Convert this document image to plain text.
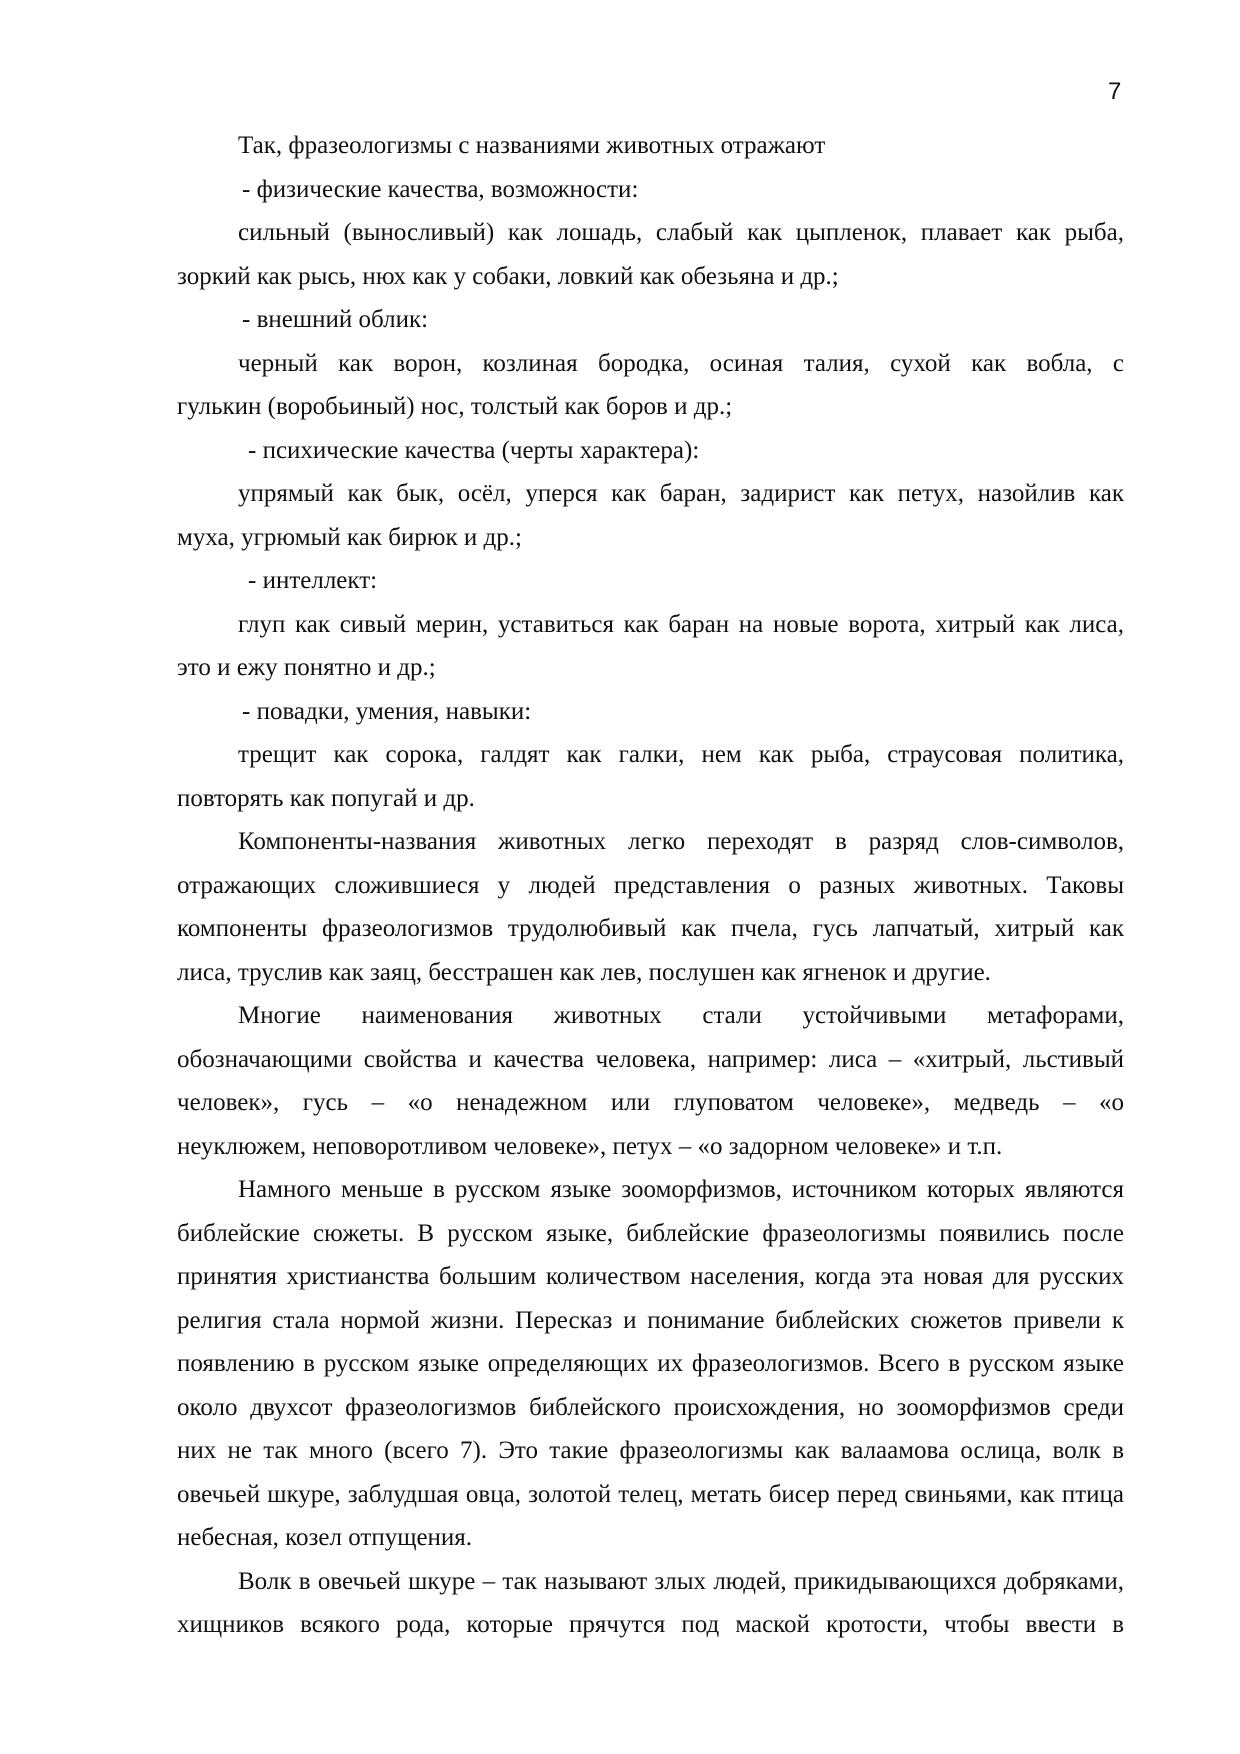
7
Так, фразеологизмы с названиями животных отражают
- физические качества, возможности:
сильный (выносливый) как лошадь, слабый как цыпленок, плавает как рыба,
зоркий как рысь, нюх как у собаки, ловкий как обезьяна и др.;
- внешний облик:
черный как ворон, козлиная бородка, осиная талия, сухой как вобла, с
гулькин (воробьиный) нос, толстый как боров и др.;
- психические качества (черты характера):
упрямый как бык, осёл, уперся как баран, задирист как петух, назойлив как
муха, угрюмый как бирюк и др.;
- интеллект:
глуп как сивый мерин, уставиться как баран на новые ворота, хитрый как лиса,
это и ежу понятно и др.;
- повадки, умения, навыки:
трещит как сорока, галдят как галки, нем как рыба, страусовая политика,
повторять как попугай и др.
Компоненты-названия животных легко переходят в разряд слов-символов,
отражающих сложившиеся у людей представления о разных животных. Таковы
компоненты фразеологизмов трудолюбивый как пчела, гусь лапчатый, хитрый как
лиса, труслив как заяц, бесстрашен как лев, послушен как ягненок и другие.
Многие наименования животных стали устойчивыми метафорами,
обозначающими свойства и качества человека, например: лиса – «хитрый, льстивый
человек», гусь – «о ненадежном или глуповатом человеке», медведь – «о
неуклюжем, неповоротливом человеке», петух – «о задорном человеке» и т.п.
Намного меньше в русском языке зооморфизмов, источником которых являются
библейские сюжеты. В русском языке, библейские фразеологизмы появились после
принятия христианства большим количеством населения, когда эта новая для русских
религия стала нормой жизни. Пересказ и понимание библейских сюжетов привели к
появлению в русском языке определяющих их фразеологизмов. Всего в русском языке
около двухсот фразеологизмов библейского происхождения, но зооморфизмов среди
них не так много (всего 7). Это такие фразеологизмы как валаамова ослица, волк в
овечьей шкуре, заблудшая овца, золотой телец, метать бисер перед свиньями, как птица
небесная, козел отпущения.
Волк в овечьей шкуре – так называют злых людей, прикидывающихся добряками,
хищников всякого рода, которые прячутся под маской кротости, чтобы ввести в
